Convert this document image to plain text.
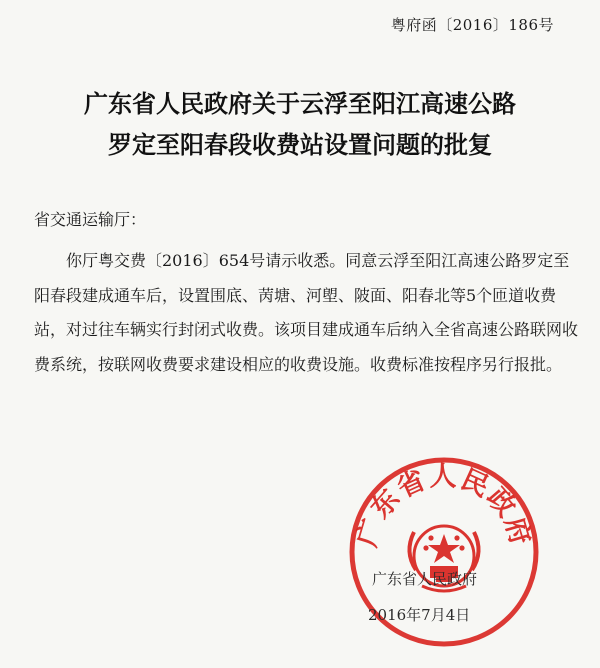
粤府函〔2016〕186号
广东省人民政府关于云浮至阳江高速公路
罗定至阳春段收费站设置问题的批复
省交通运输厅：

你厅粤交费〔2016〕654号请示收悉。同意云浮至阳江高速公路罗定至阳春段建成通车后，设置围底、苪塘、河塱、陂面、阳春北等5个匝道收费站，对过往车辆实行封闭式收费。该项目建成通车后纳入全省高速公路联网收费系统，按联网收费要求建设相应的收费设施。收费标准按程序另行报批。

广东省人民政府
广东省人民政府
2016年7月4日
